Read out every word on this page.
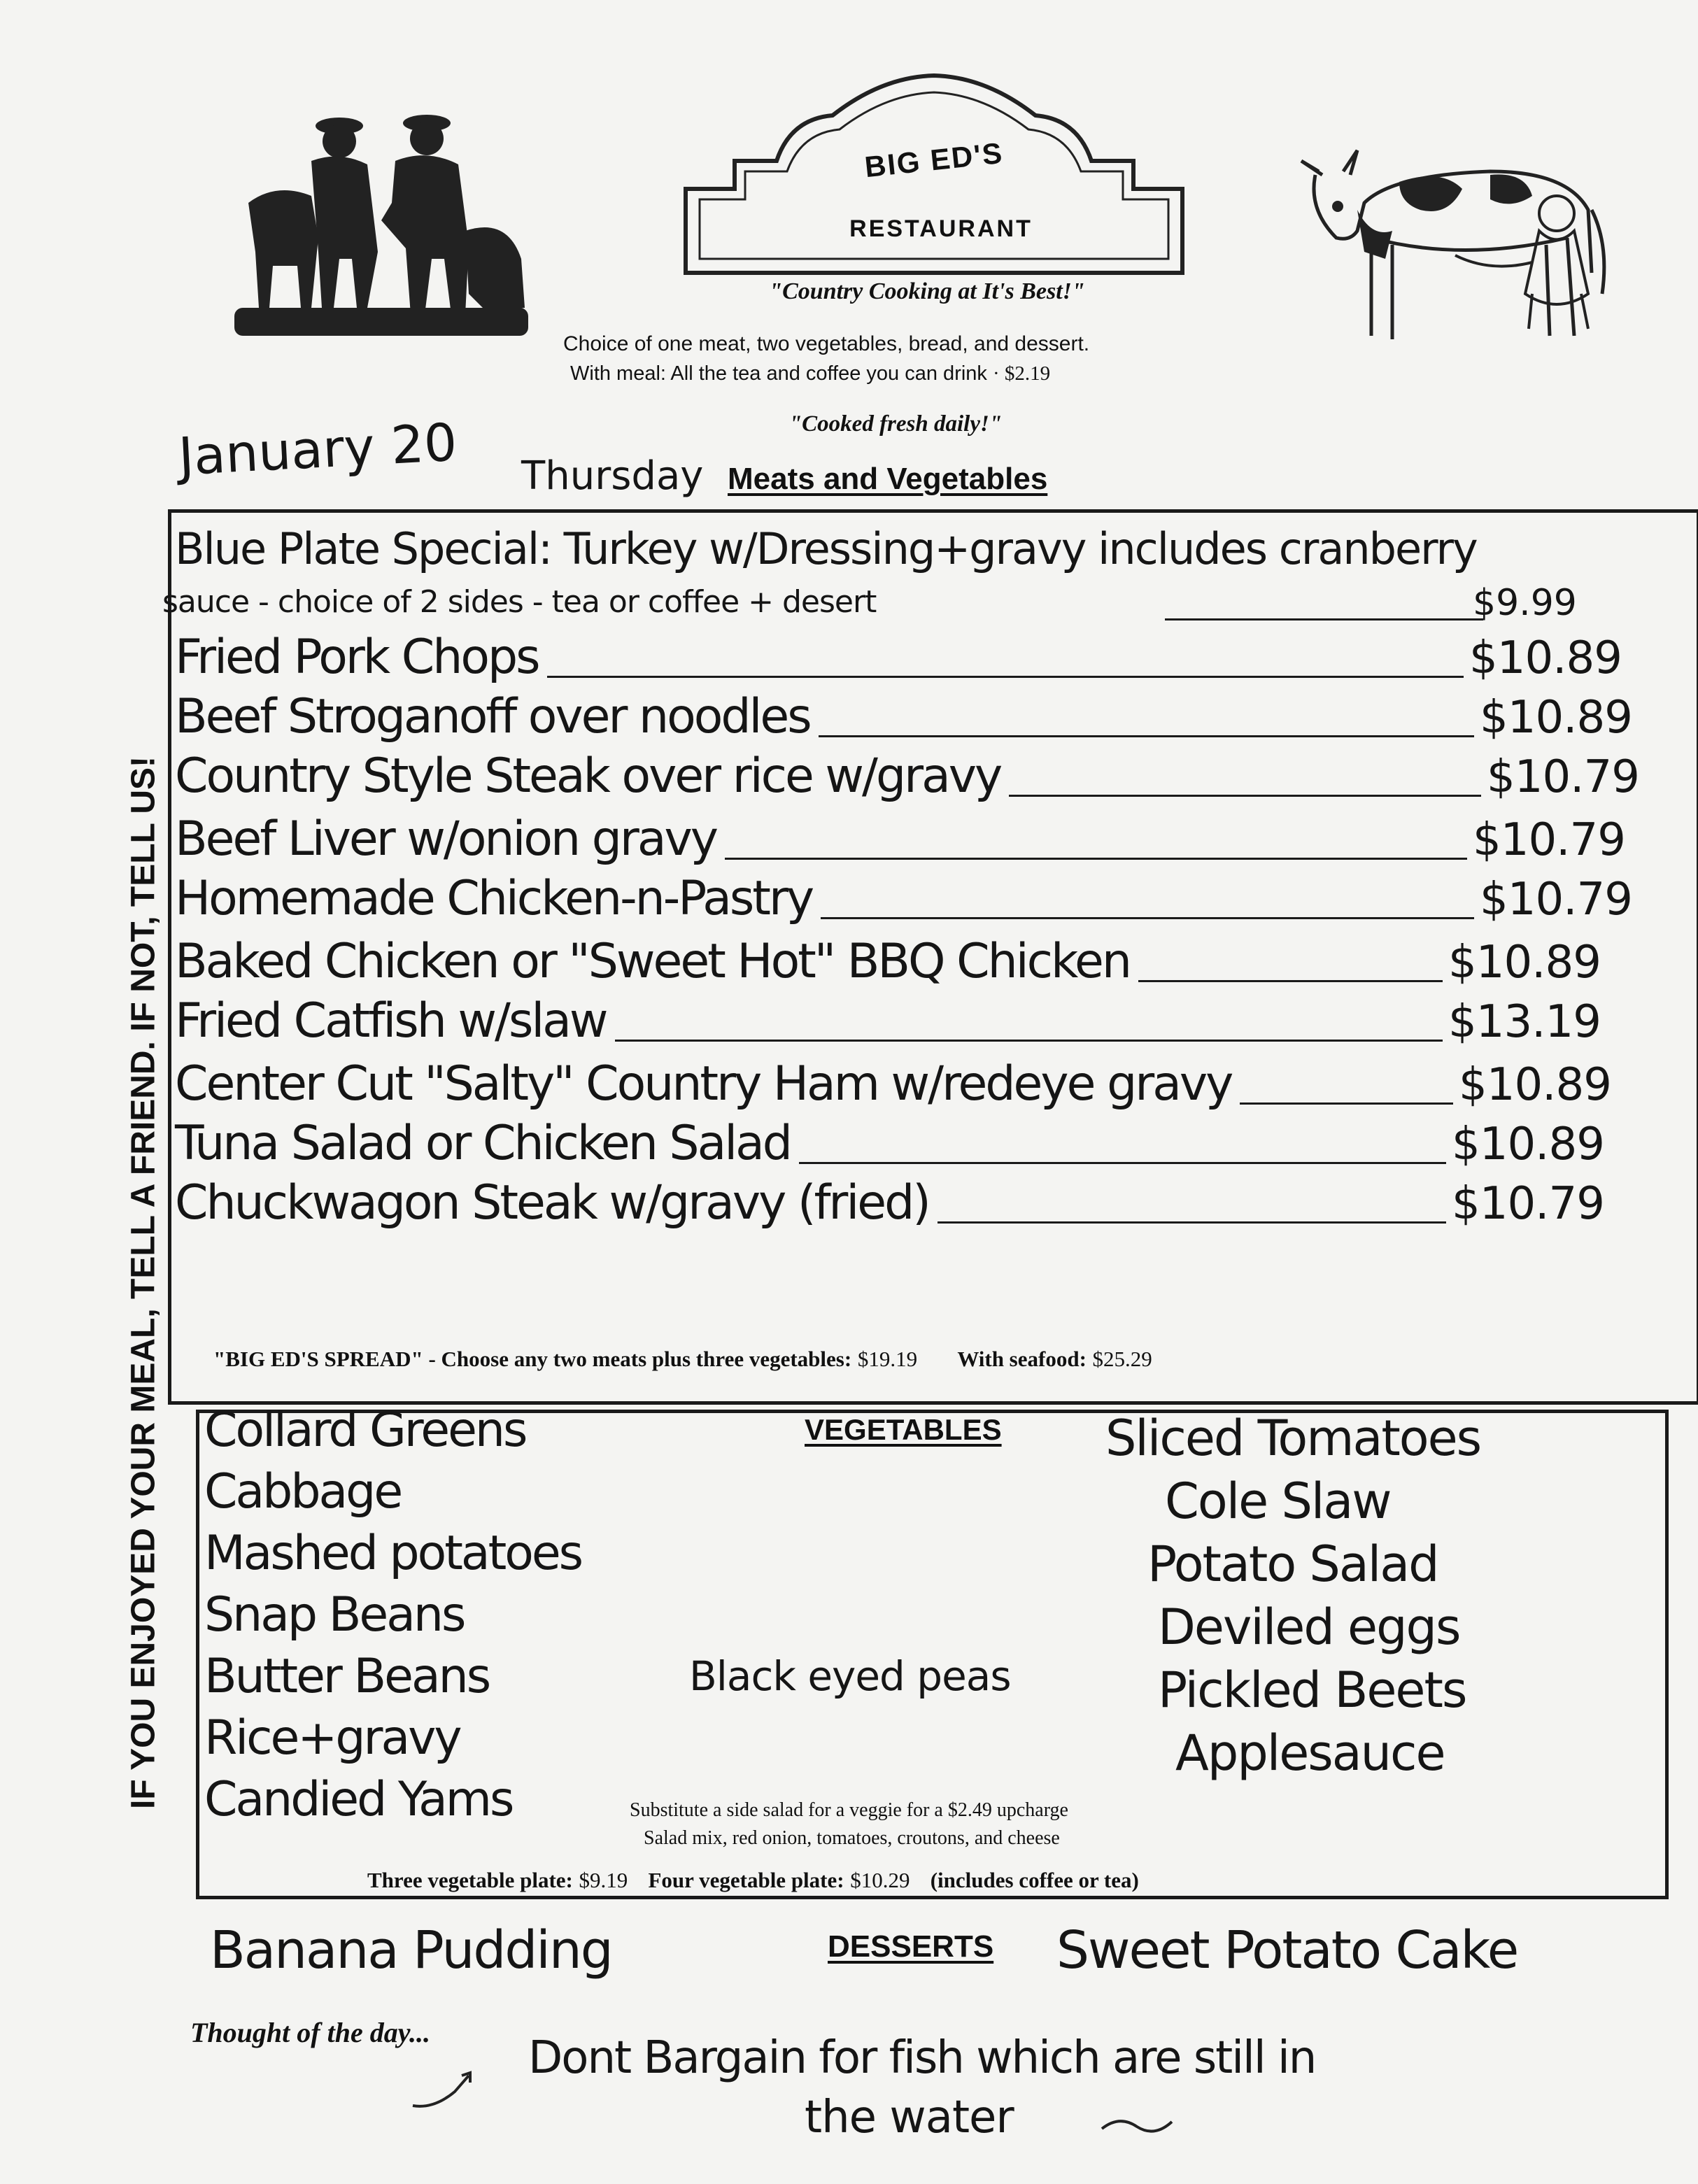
BIG ED'S
RESTAURANT
"Country Cooking at It's Best!"
Choice of one meat, two vegetables, bread, and dessert.
With meal: All the tea and coffee you can drink · $2.19
"Cooked fresh daily!"
January 20 Thursday Meats and Vegetables
IF YOU ENJOYED YOUR MEAL, TELL A FRIEND. IF NOT, TELL US!
Blue Plate Special: Turkey w/Dressing+gravy includes cranberry
sauce - choice of 2 sides - tea or coffee + desert	$9.99
Fried Pork Chops	$10.89
Beef Stroganoff over noodles	$10.89
Country Style Steak over rice w/gravy	$10.79
Beef Liver w/onion gravy	$10.79
Homemade Chicken-n-Pastry	$10.79
Baked Chicken or "Sweet Hot" BBQ Chicken	$10.89
Fried Catfish w/slaw	$13.19
Center Cut "Salty" Country Ham w/redeye gravy	$10.89
Tuna Salad or Chicken Salad	$10.89
Chuckwagon Steak w/gravy (fried)	$10.79
"BIG ED'S SPREAD" - Choose any two meats plus three vegetables: $19.19 With seafood: $25.29
VEGETABLES
Collard Greens
Cabbage
Mashed potatoes
Snap Beans
Butter Beans
Rice+gravy
Candied Yams
Black eyed peas
Sliced Tomatoes
Cole Slaw
Potato Salad
Deviled eggs
Pickled Beets
Applesauce
Substitute a side salad for a veggie for a $2.49 upcharge
Salad mix, red onion, tomatoes, croutons, and cheese
Three vegetable plate: $9.19 Four vegetable plate: $10.29 (includes coffee or tea)
Banana Pudding	DESSERTS Sweet Potato Cake
Thought of the day... Dont Bargain for fish which are still in
the water
